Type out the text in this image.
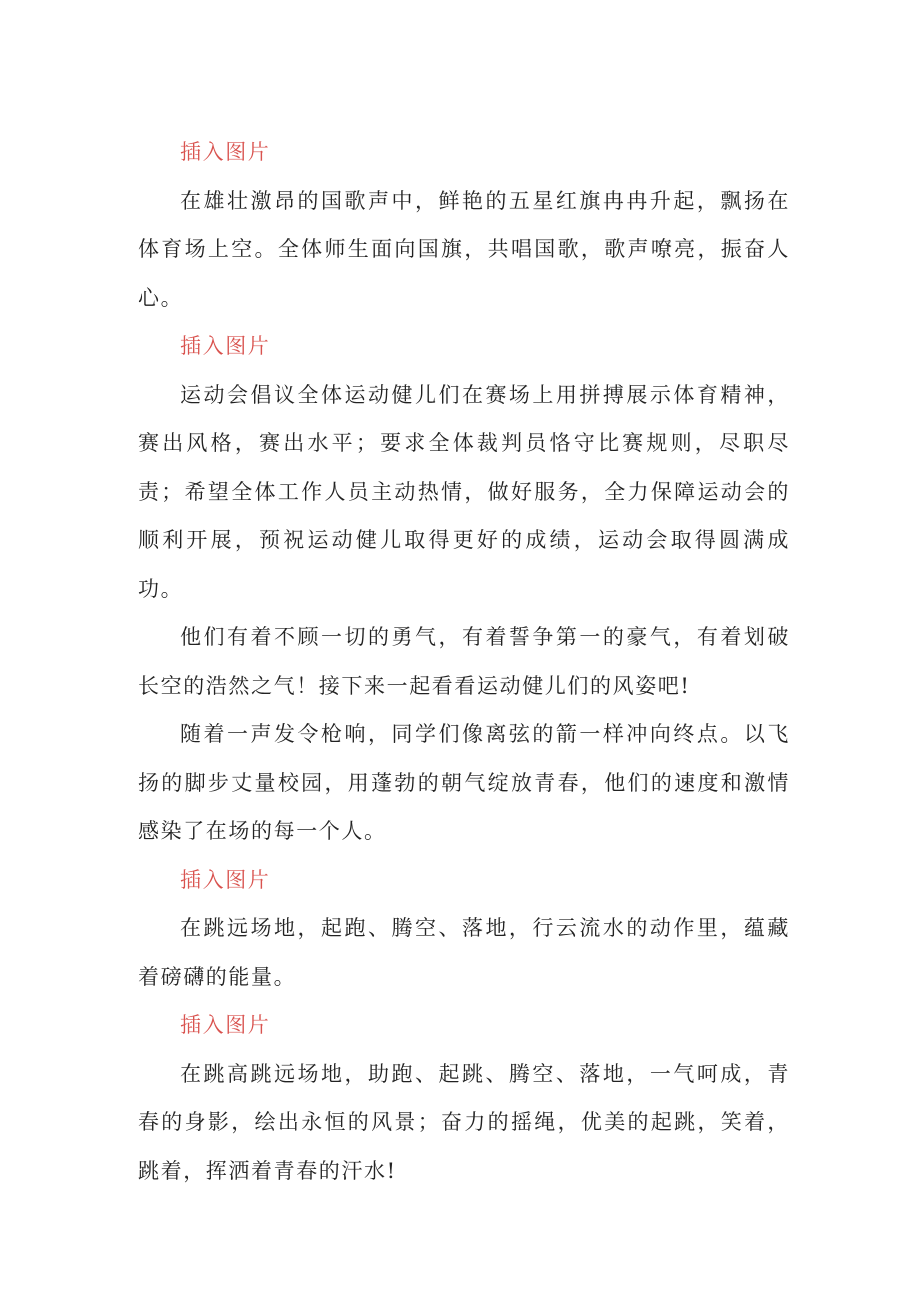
插入图片

在雄壮激昂的国歌声中，鲜艳的五星红旗冉冉升起，飘扬在体育场上空。全体师生面向国旗，共唱国歌，歌声嘹亮，振奋人心。

插入图片

运动会倡议全体运动健儿们在赛场上用拼搏展示体育精神，赛出风格，赛出水平；要求全体裁判员恪守比赛规则，尽职尽责；希望全体工作人员主动热情，做好服务，全力保障运动会的顺利开展，预祝运动健儿取得更好的成绩，运动会取得圆满成功。

他们有着不顾一切的勇气，有着誓争第一的豪气，有着划破长空的浩然之气！接下来一起看看运动健儿们的风姿吧!

随着一声发令枪响，同学们像离弦的箭一样冲向终点。以飞扬的脚步丈量校园，用蓬勃的朝气绽放青春，他们的速度和激情感染了在场的每一个人。

插入图片

在跳远场地，起跑、腾空、落地，行云流水的动作里，蕴藏着磅礴的能量。

插入图片

在跳高跳远场地，助跑、起跳、腾空、落地，一气呵成，青春的身影，绘出永恒的风景；奋力的摇绳，优美的起跳，笑着，跳着，挥洒着青春的汗水!
